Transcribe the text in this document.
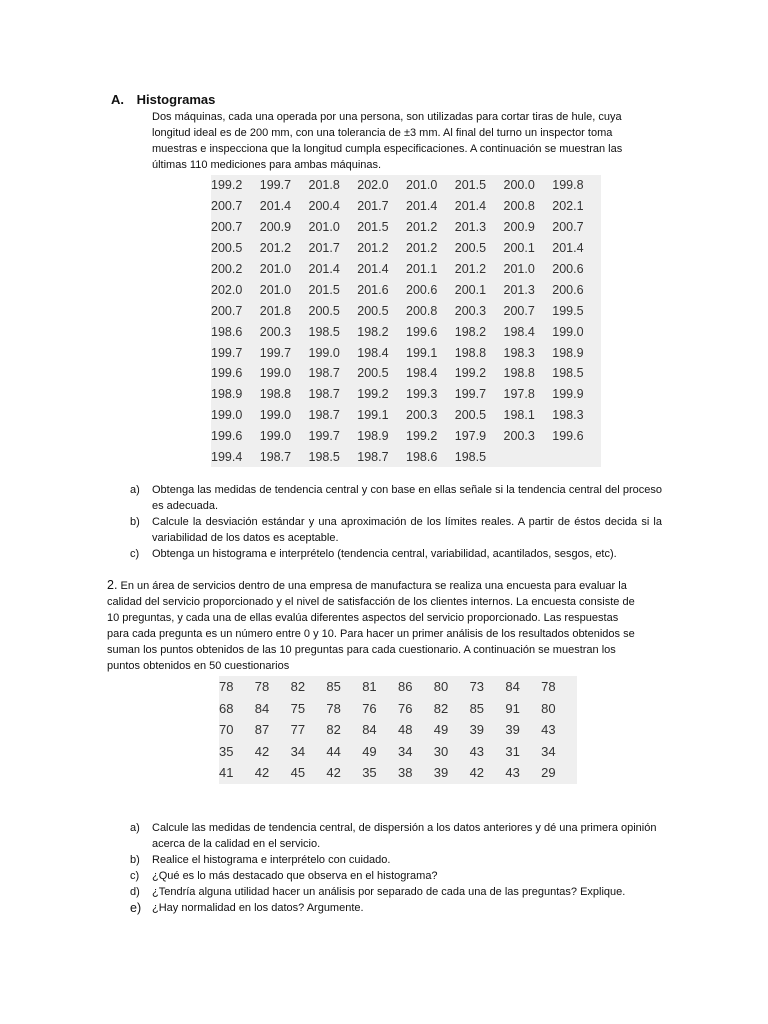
A. Histogramas

Dos máquinas, cada una operada por una persona, son utilizadas para cortar tiras de hule, cuya longitud ideal es de 200 mm, con una tolerancia de ±3 mm. Al final del turno un inspector toma muestras e inspecciona que la longitud cumpla especificaciones. A continuación se muestran las últimas 110 mediciones para ambas máquinas.

199.2	199.7	201.8	202.0	201.0	201.5	200.0	199.8
200.7	201.4	200.4	201.7	201.4	201.4	200.8	202.1
200.7	200.9	201.0	201.5	201.2	201.3	200.9	200.7
200.5	201.2	201.7	201.2	201.2	200.5	200.1	201.4
200.2	201.0	201.4	201.4	201.1	201.2	201.0	200.6
202.0	201.0	201.5	201.6	200.6	200.1	201.3	200.6
200.7	201.8	200.5	200.5	200.8	200.3	200.7	199.5
198.6	200.3	198.5	198.2	199.6	198.2	198.4	199.0
199.7	199.7	199.0	198.4	199.1	198.8	198.3	198.9
199.6	199.0	198.7	200.5	198.4	199.2	198.8	198.5
198.9	198.8	198.7	199.2	199.3	199.7	197.8	199.9
199.0	199.0	198.7	199.1	200.3	200.5	198.1	198.3
199.6	199.0	199.7	198.9	199.2	197.9	200.3	199.6
199.4	198.7	198.5	198.7	198.6	198.5		
a) Obtenga las medidas de tendencia central y con base en ellas señale si la tendencia central del proceso es adecuada.
b) Calcule la desviación estándar y una aproximación de los límites reales. A partir de éstos decida si la variabilidad de los datos es aceptable.
c) Obtenga un histograma e interprételo (tendencia central, variabilidad, acantilados, sesgos, etc).

2. En un área de servicios dentro de una empresa de manufactura se realiza una encuesta para evaluar la calidad del servicio proporcionado y el nivel de satisfacción de los clientes internos. La encuesta consiste de 10 preguntas, y cada una de ellas evalúa diferentes aspectos del servicio proporcionado. Las respuestas para cada pregunta es un número entre 0 y 10. Para hacer un primer análisis de los resultados obtenidos se suman los puntos obtenidos de las 10 preguntas para cada cuestionario. A continuación se muestran los puntos obtenidos en 50 cuestionarios

78	78	82	85	81	86	80	73	84	78
68	84	75	78	76	76	82	85	91	80
70	87	77	82	84	48	49	39	39	43
35	42	34	44	49	34	30	43	31	34
41	42	45	42	35	38	39	42	43	29
a) Calcule las medidas de tendencia central, de dispersión a los datos anteriores y dé una primera opinión acerca de la calidad en el servicio.
b) Realice el histograma e interprételo con cuidado.
c) ¿Qué es lo más destacado que observa en el histograma?
d) ¿Tendría alguna utilidad hacer un análisis por separado de cada una de las preguntas? Explique.
e) ¿Hay normalidad en los datos? Argumente.
